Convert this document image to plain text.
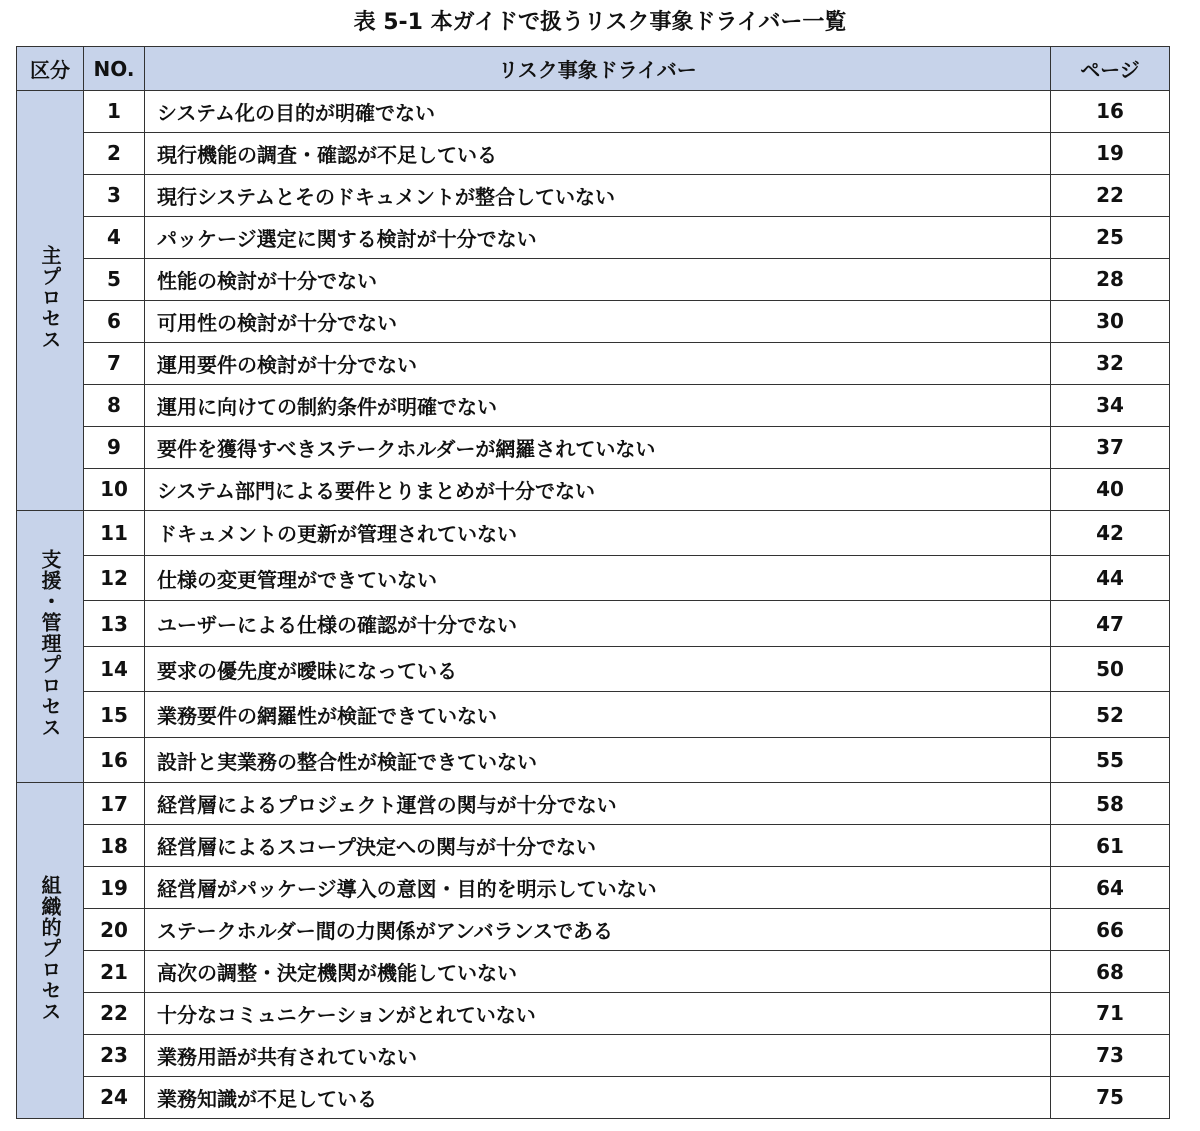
表 5-1 本ガイドで扱うリスク事象ドライバー一覧
区分	NO.	リスク事象ドライバー	ページ
主プロセス	1	システム化の目的が明確でない	16
	2	現行機能の調査・確認が不足している	19
	3	現行システムとそのドキュメントが整合していない	22
	4	パッケージ選定に関する検討が十分でない	25
	5	性能の検討が十分でない	28
	6	可用性の検討が十分でない	30
	7	運用要件の検討が十分でない	32
	8	運用に向けての制約条件が明確でない	34
	9	要件を獲得すべきステークホルダーが網羅されていない	37
	10	システム部門による要件とりまとめが十分でない	40
支援・管理プロセス	11	ドキュメントの更新が管理されていない	42
	12	仕様の変更管理ができていない	44
	13	ユーザーによる仕様の確認が十分でない	47
	14	要求の優先度が曖昧になっている	50
	15	業務要件の網羅性が検証できていない	52
	16	設計と実業務の整合性が検証できていない	55
組織的プロセス	17	経営層によるプロジェクト運営の関与が十分でない	58
	18	経営層によるスコープ決定への関与が十分でない	61
	19	経営層がパッケージ導入の意図・目的を明示していない	64
	20	ステークホルダー間の力関係がアンバランスである	66
	21	高次の調整・決定機関が機能していない	68
	22	十分なコミュニケーションがとれていない	71
	23	業務用語が共有されていない	73
	24	業務知識が不足している	75
